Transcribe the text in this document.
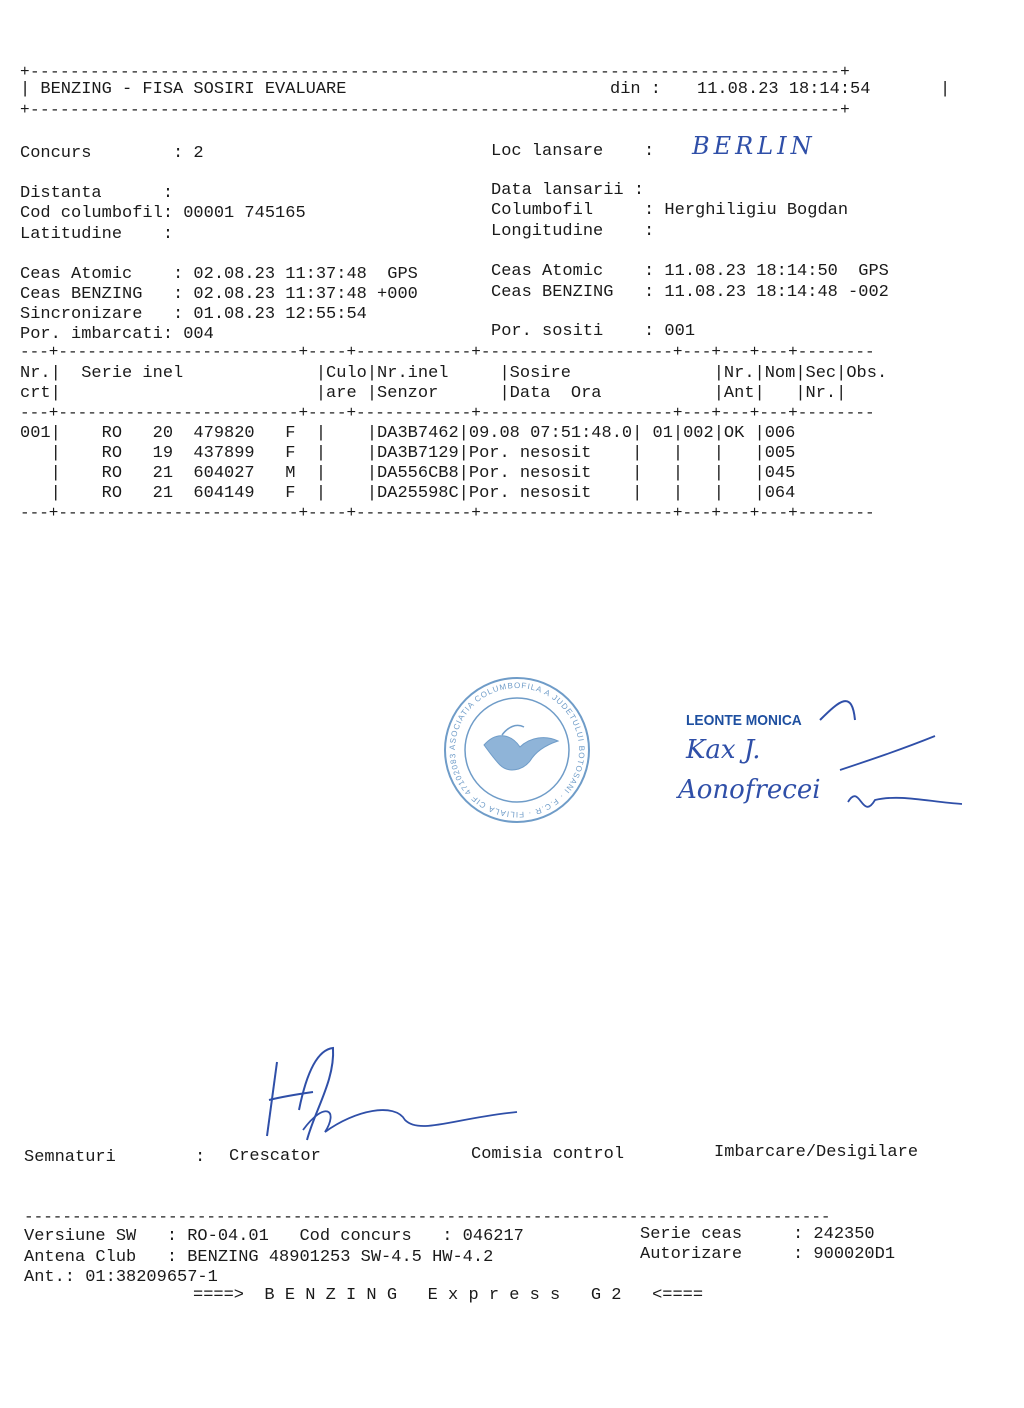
+---------------------------------------------------------------------------------+
| BENZING - FISA SOSIRI EVALUARE	din : 11.08.23 18:14:54	|
+---------------------------------------------------------------------------------+
Concurs        : 2	Loc lansare    : BERLIN
Distanta      :	Data lansarii :
Cod columbofil: 00001 745165	Columbofil     : Herghiligiu Bogdan
Latitudine    :	Longitudine    :
Ceas Atomic    : 02.08.23 11:37:48  GPS	Ceas Atomic    : 11.08.23 18:14:50  GPS
Ceas BENZING   : 02.08.23 11:37:48 +000	Ceas BENZING   : 11.08.23 18:14:48 -002
Sincronizare   : 01.08.23 12:55:54
Por. imbarcati: 004	Por. sositi    : 001
---+-------------------------+----+------------+--------------------+---+---+---+--------
Nr.|  Serie inel             |Culo|Nr.inel     |Sosire              |Nr.|Nom|Sec|Obs.
crt|                         |are |Senzor      |Data  Ora           |Ant|   |Nr.|
---+-------------------------+----+------------+--------------------+---+---+---+--------
001|    RO   20  479820   F  |    |DA3B7462|09.08 07:51:48.0| 01|002|OK |006
|    RO   19  437899   F  |    |DA3B7129|Por. nesosit    |   |   |   |005
|    RO   21  604027   M  |    |DA556CB8|Por. nesosit    |   |   |   |045
|    RO   21  604149   F  |    |DA25598C|Por. nesosit    |   |   |   |064
---+-------------------------+----+------------+--------------------+---+---+---+--------
ASOCIATIA COLUMBOFILA A JUDETULUI BOTOSANI · F.C.R · FILIALA CIF 47102083
LEONTE MONICA
Kax J.
Aonofrecei
Semnaturi	: Crescator	Comisia control	Imbarcare/Desigilare
------------------------------------------------------------------------------------
Versiune SW   : RO-04.01   Cod concurs   : 046217	Serie ceas     : 242350
Antena Club   : BENZING 48901253 SW-4.5 HW-4.2	Autorizare     : 900020D1
Ant.: 01:38209657-1
====>  B E N Z I N G   E x p r e s s   G 2   <====
